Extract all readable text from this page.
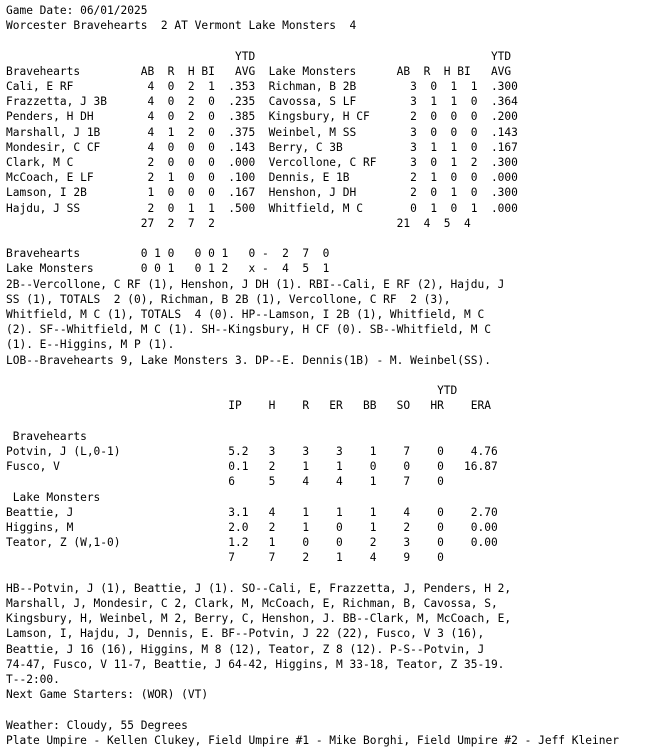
Game Date: 06/01/2025
Worcester Bravehearts  2 AT Vermont Lake Monsters  4

YTD                                   YTD
Bravehearts         AB  R  H BI   AVG  Lake Monsters      AB  R  H BI   AVG
Cali, E RF           4  0  2  1  .353  Richman, B 2B        3  0  1  1  .300
Frazzetta, J 3B      4  0  2  0  .235  Cavossa, S LF        3  1  1  0  .364
Penders, H DH        4  0  2  0  .385  Kingsbury, H CF      2  0  0  0  .200
Marshall, J 1B       4  1  2  0  .375  Weinbel, M SS        3  0  0  0  .143
Mondesir, C CF       4  0  0  0  .143  Berry, C 3B          3  1  1  0  .167
Clark, M C           2  0  0  0  .000  Vercollone, C RF     3  0  1  2  .300
McCoach, E LF        2  1  0  0  .100  Dennis, E 1B         2  1  0  0  .000
Lamson, I 2B         1  0  0  0  .167  Henshon, J DH        2  0  1  0  .300
Hajdu, J SS          2  0  1  1  .500  Whitfield, M C       0  1  0  1  .000
27  2  7  2                           21  4  5  4

Bravehearts         0 1 0   0 0 1   0 -  2  7  0
Lake Monsters       0 0 1   0 1 2   x -  4  5  1
2B--Vercollone, C RF (1), Henshon, J DH (1). RBI--Cali, E RF (2), Hajdu, J
SS (1), TOTALS  2 (0), Richman, B 2B (1), Vercollone, C RF  2 (3),
Whitfield, M C (1), TOTALS  4 (0). HP--Lamson, I 2B (1), Whitfield, M C
(2). SF--Whitfield, M C (1). SH--Kingsbury, H CF (0). SB--Whitfield, M C
(1). E--Higgins, M P (1).
LOB--Bravehearts 9, Lake Monsters 3. DP--E. Dennis(1B) - M. Weinbel(SS).

YTD
IP    H    R   ER   BB   SO   HR    ERA

Bravehearts
Potvin, J (L,0-1)                5.2   3    3    3    1    7    0    4.76
Fusco, V                         0.1   2    1    1    0    0    0   16.87
6     5    4    4    1    7    0
Lake Monsters
Beattie, J                       3.1   4    1    1    1    4    0    2.70
Higgins, M                       2.0   2    1    0    1    2    0    0.00
Teator, Z (W,1-0)                1.2   1    0    0    2    3    0    0.00
7     7    2    1    4    9    0

HB--Potvin, J (1), Beattie, J (1). SO--Cali, E, Frazzetta, J, Penders, H 2,
Marshall, J, Mondesir, C 2, Clark, M, McCoach, E, Richman, B, Cavossa, S,
Kingsbury, H, Weinbel, M 2, Berry, C, Henshon, J. BB--Clark, M, McCoach, E,
Lamson, I, Hajdu, J, Dennis, E. BF--Potvin, J 22 (22), Fusco, V 3 (16),
Beattie, J 16 (16), Higgins, M 8 (12), Teator, Z 8 (12). P-S--Potvin, J
74-47, Fusco, V 11-7, Beattie, J 64-42, Higgins, M 33-18, Teator, Z 35-19.
T--2:00.
Next Game Starters: (WOR) (VT)

Weather: Cloudy, 55 Degrees
Plate Umpire - Kellen Clukey, Field Umpire #1 - Mike Borghi, Field Umpire #2 - Jeff Kleiner
